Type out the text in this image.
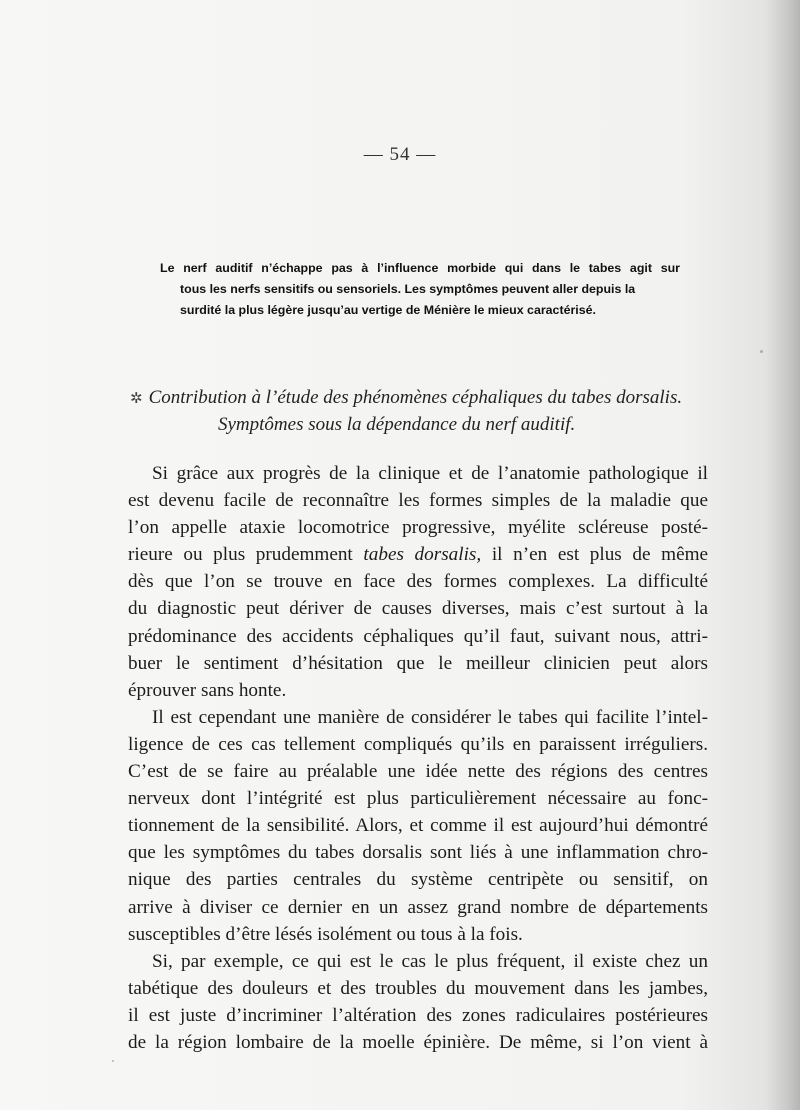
— 54 —
Le nerf auditif n’échappe pas à l’influence morbide qui dans le tabes agit sur
tous les nerfs sensitifs ou sensoriels. Les symptômes peuvent aller depuis la
surdité la plus légère jusqu’au vertige de Ménière le mieux caractérisé.
✲ Contribution à l’étude des phénomènes céphaliques du tabes dorsalis.
Symptômes sous la dépendance du nerf auditif.
Si grâce aux progrès de la clinique et de l’anatomie pathologique il
est devenu facile de reconnaître les formes simples de la maladie que
l’on appelle ataxie locomotrice progressive, myélite scléreuse posté-
rieure ou plus prudemment tabes dorsalis, il n’en est plus de même
dès que l’on se trouve en face des formes complexes. La difficulté
du diagnostic peut dériver de causes diverses, mais c’est surtout à la
prédominance des accidents céphaliques qu’il faut, suivant nous, attri-
buer le sentiment d’hésitation que le meilleur clinicien peut alors
éprouver sans honte.
Il est cependant une manière de considérer le tabes qui facilite l’intel-
ligence de ces cas tellement compliqués qu’ils en paraissent irréguliers.
C’est de se faire au préalable une idée nette des régions des centres
nerveux dont l’intégrité est plus particulièrement nécessaire au fonc-
tionnement de la sensibilité. Alors, et comme il est aujourd’hui démontré
que les symptômes du tabes dorsalis sont liés à une inflammation chro-
nique des parties centrales du système centripète ou sensitif, on
arrive à diviser ce dernier en un assez grand nombre de départements
susceptibles d’être lésés isolément ou tous à la fois.
Si, par exemple, ce qui est le cas le plus fréquent, il existe chez un
tabétique des douleurs et des troubles du mouvement dans les jambes,
il est juste d’incriminer l’altération des zones radiculaires postérieures
de la région lombaire de la moelle épinière. De même, si l’on vient à
